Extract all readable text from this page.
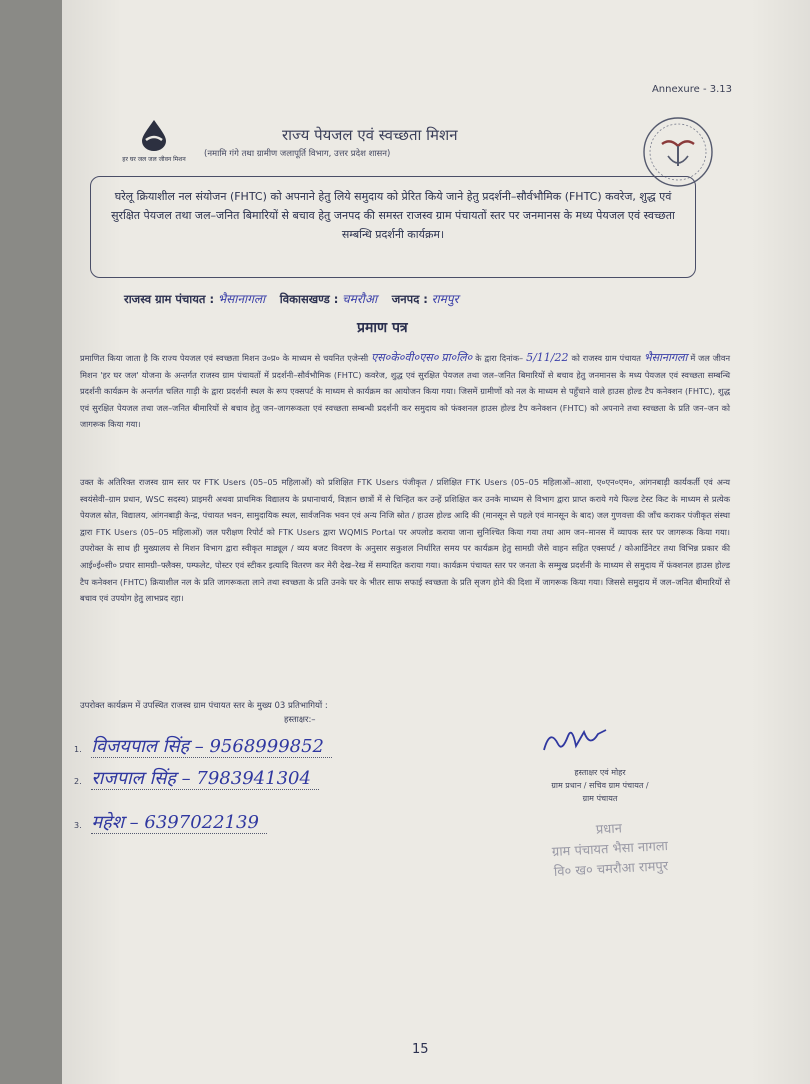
Annexure - 3.13
हर घर जल जल जीवन मिशन
राज्य पेयजल एवं स्वच्छता मिशन
(नमामि गंगे तथा ग्रामीण जलापूर्ति विभाग, उत्तर प्रदेश शासन)

घरेलू क्रियाशील नल संयोजन (FHTC) को अपनाने हेतु लिये समुदाय को प्रेरित किये जाने हेतु प्रदर्शनी–सौर्वभौमिक (FHTC) कवरेज, शुद्ध एवं सुरक्षित पेयजल तथा जल–जनित बिमारियों से बचाव हेतु जनपद की समस्त राजस्व ग्राम पंचायतों स्तर पर जनमानस के मध्य पेयजल एवं स्वच्छता सम्बन्धि प्रदर्शनी कार्यक्रम।

राजस्व ग्राम पंचायत : भैसानागला विकासखण्ड : चमरौआ जनपद : रामपुर
प्रमाण पत्र
प्रमाणित किया जाता है कि राज्य पेयजल एवं स्वच्छता मिशन उ०प्र० के माध्यम से चयनित एजेन्सी एस०के०वी०एस० प्रा०लि० के द्वारा दिनांक– 5/11/22 को राजस्व ग्राम पंचायत भैसानागला में जल जीवन मिशन 'हर घर जल' योजना के अन्तर्गत राजस्व ग्राम पंचायतों में प्रदर्शनी–सौर्वभौमिक (FHTC) कवरेज, शुद्ध एवं सुरक्षित पेयजल तथा जल–जनित बिमारियों से बचाव हेतु जनमानस के मध्य पेयजल एवं स्वच्छता सम्बन्धि प्रदर्शनी कार्यक्रम के अन्तर्गत चलित गाड़ी के द्वारा प्रदर्शनी स्थल के रूप एक्सपर्ट के माध्यम से कार्यक्रम का आयोजन किया गया। जिसमें ग्रामीणों को नल के माध्यम से पहुँचाने वाले हाउस होल्ड टैप कनेक्शन (FHTC), शुद्ध एवं सुरक्षित पेयजल तथा जल–जनित बीमारियों से बचाव हेतु जन–जागरूकता एवं स्वच्छता सम्बन्धी प्रदर्शनी कर समुदाय को फंक्शनल हाउस होल्ड टैप कनेक्शन (FHTC) को अपनाने तथा स्वच्छता के प्रति जन–जन को जागरूक किया गया।
उक्त के अतिरिक्त राजस्व ग्राम स्तर पर FTK Users (05–05 महिलाओं) को प्रशिक्षित FTK Users पंजीकृत / प्रशिक्षित FTK Users (05–05 महिलाओं–आशा, ए०एन०एम०, आंगनबाड़ी कार्यकर्ती एवं अन्य स्वयंसेवी–ग्राम प्रधान, WSC सदस्य) प्राइमरी अथवा प्राथमिक विद्यालय के प्रधानाचार्य, विज्ञान छात्रों में से चिन्हित कर उन्हें प्रशिक्षित कर उनके माध्यम से विभाग द्वारा प्राप्त कराये गये फिल्ड टेस्ट किट के माध्यम से प्रत्येक पेयजल स्रोत, विद्यालय, आंगनबाड़ी केन्द्र, पंचायत भवन, सामुदायिक स्थल, सार्वजनिक भवन एवं अन्य निजि स्रोत / हाउस होल्ड आदि की (मानसून से पहले एवं मानसून के बाद) जल गुणवत्ता की जाँच कराकर पंजीकृत संस्था द्वारा FTK Users (05–05 महिलाओं) जल परीक्षण रिपोर्ट को FTK Users द्वारा WQMIS Portal पर अपलोड कराया जाना सुनिश्चित किया गया तथा आम जन–मानस में व्यापक स्तर पर जागरूक किया गया। उपरोक्त के साथ ही मुख्यालय से मिशन विभाग द्वारा स्वीकृत माड्यूल / व्यय बजट विवरण के अनुसार सकुशल निर्धारित समय पर कार्यक्रम हेतु सामग्री जैसे वाहन सहित एक्सपर्ट / कोआर्डिनेटर तथा विभिन्न प्रकार की आई०ई०सी० प्रचार सामग्री–फ्लैक्स, पम्फलेट, पोस्टर एवं स्टीकर इत्यादि वितरण कर मेरी देख–रेख में सम्पादित कराया गया। कार्यक्रम पंचायत स्तर पर जनता के सम्मुख प्रदर्शनी के माध्यम से समुदाय में फंक्शनल हाउस होल्ड टैप कनेक्शन (FHTC) क्रियाशील नल के प्रति जागरूकता लाने तथा स्वच्छता के प्रति उनके घर के भीतर साफ सफाई स्वच्छता के प्रति सृजग होने की दिशा में जागरूक किया गया। जिससे समुदाय में जल–जनित बीमारियों से बचाव एवं उपयोग हेतु लाभप्रद रहा।
उपरोक्त कार्यक्रम में उपस्थित राजस्व ग्राम पंचायत स्तर के मुख्य 03 प्रतिभागियों :
हस्ताक्षर:–
1. विजयपाल सिंह – 9568999852
2. राजपाल सिंह – 7983941304
3. महेश – 6397022139
हस्ताक्षर एवं मोहर
ग्राम प्रधान / सचिव ग्राम पंचायत /
ग्राम पंचायत
प्रधान
ग्राम पंचायत भैसा नागला
वि० ख० चमरौआ रामपुर
15
